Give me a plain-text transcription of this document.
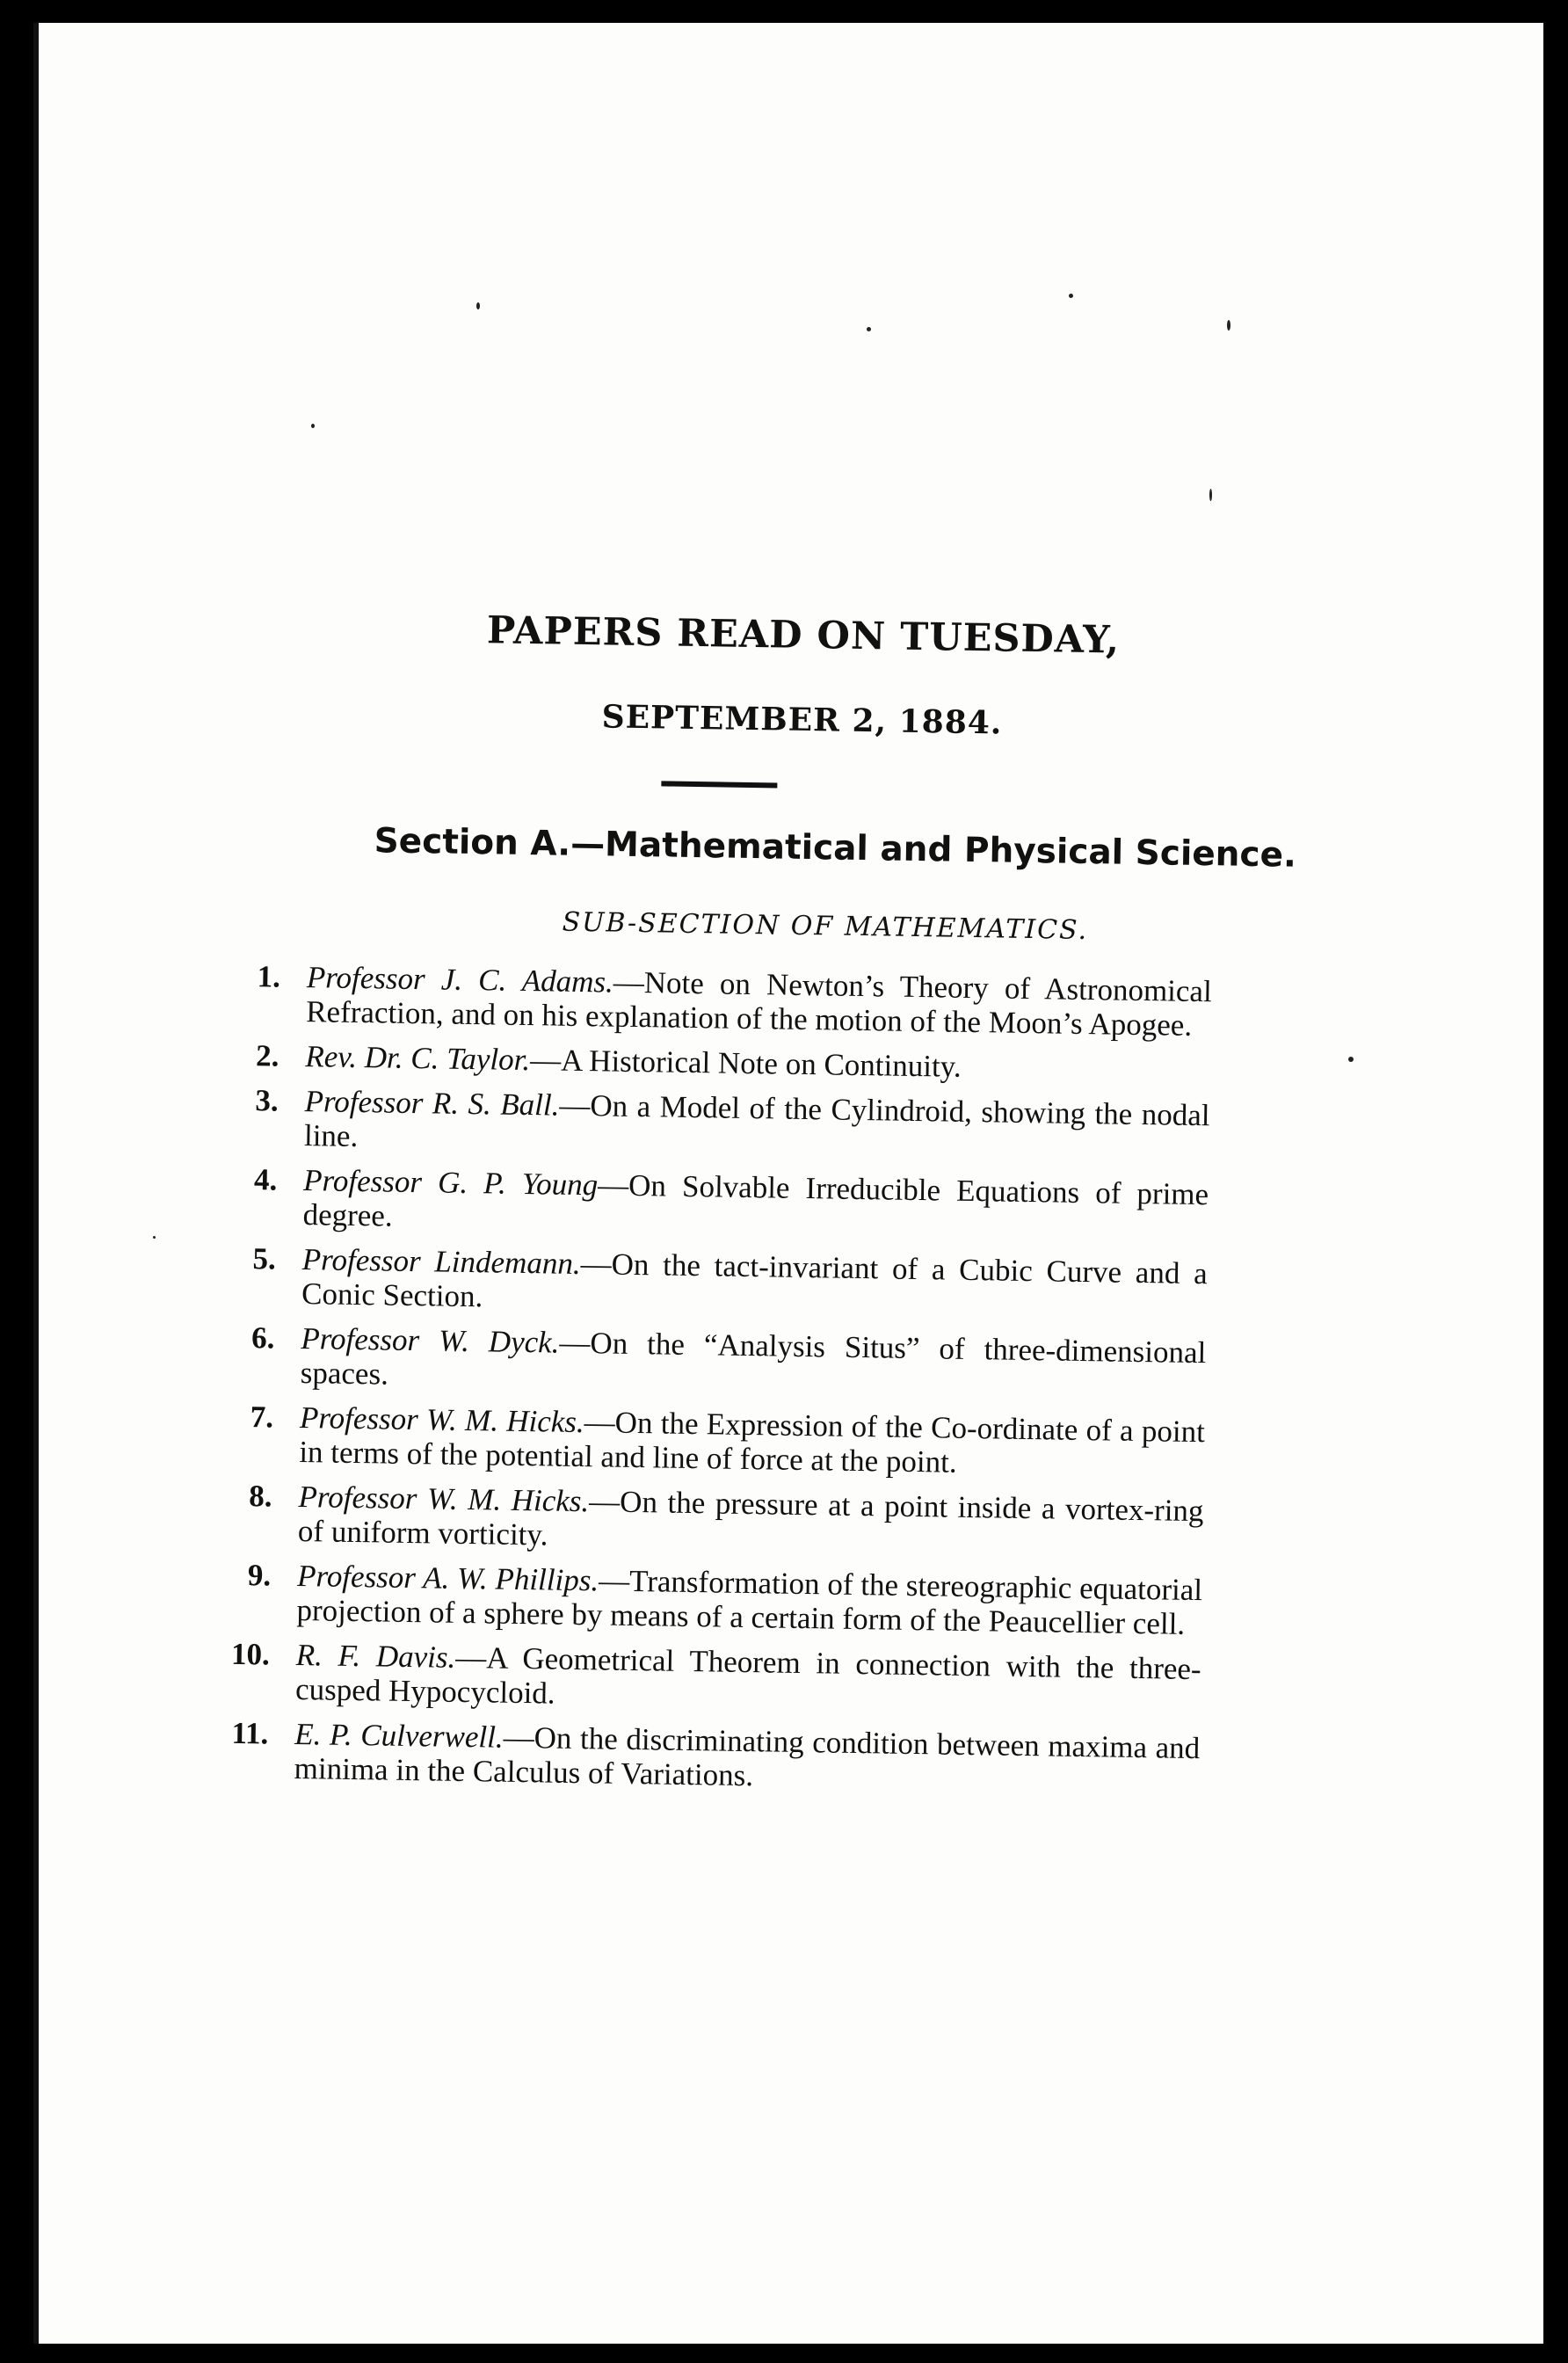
PAPERS READ ON TUESDAY,
SEPTEMBER 2, 1884.
Section A.—Mathematical and Physical Science.
SUB-SECTION OF MATHEMATICS.
1. Professor J. C. Adams.—Note on Newton’s Theory of Astronomical Refraction, and on his explanation of the motion of the Moon’s Apogee.
2. Rev. Dr. C. Taylor.—A Historical Note on Continuity.
3. Professor R. S. Ball.—On a Model of the Cylindroid, showing the nodal line.
4. Professor G. P. Young—On Solvable Irreducible Equations of prime degree.
5. Professor Lindemann.—On the tact-invariant of a Cubic Curve and a Conic Section.
6. Professor W. Dyck.—On the “Analysis Situs” of three-dimensional spaces.
7. Professor W. M. Hicks.—On the Expression of the Co-ordinate of a point in terms of the potential and line of force at the point.
8. Professor W. M. Hicks.—On the pressure at a point inside a vortex-ring of uniform vorticity.
9. Professor A. W. Phillips.—Transformation of the stereographic equatorial projection of a sphere by means of a certain form of the Peaucellier cell.
10. R. F. Davis.—A Geometrical Theorem in connection with the three-cusped Hypocycloid.
11. E. P. Culverwell.—On the discriminating condition between maxima and minima in the Calculus of Variations.
